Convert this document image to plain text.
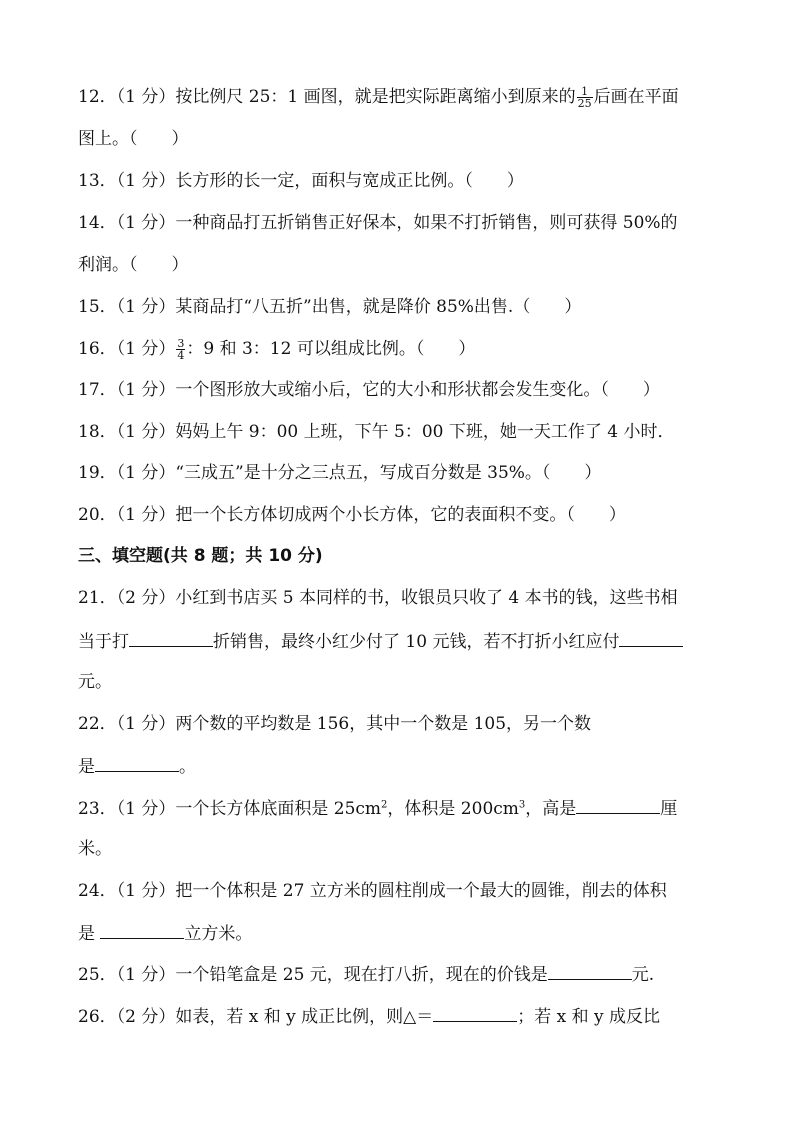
12．（1 分）按比例尺 25：1 画图，就是把实际距离缩小到原来的 $\frac{1}{25}$ 后画在平面
图上。（　　）
13．（1 分）长方形的长一定，面积与宽成正比例。（　　）
14．（1 分）一种商品打五折销售正好保本，如果不打折销售，则可获得 50%的
利润。（　　）
15．（1 分）某商品打“八五折”出售，就是降价 85%出售.（　　）
16．（1 分） $\frac{3}{4}$ ：9 和 3：12 可以组成比例。（　　）
17．（1 分）一个图形放大或缩小后，它的大小和形状都会发生变化。（　　）
18．（1 分）妈妈上午 9：00 上班，下午 5：00 下班，她一天工作了 4 小时．
19．（1 分）“三成五”是十分之三点五，写成百分数是 35%。（　　）
20．（1 分）把一个长方体切成两个小长方体，它的表面积不变。（　　）
三、填空题(共 8 题；共 10 分)
21．（2 分）小红到书店买 5 本同样的书，收银员只收了 4 本书的钱，这些书相
当于打	折销售，最终小红少付了 10 元钱，若不打折小红应付
元。
22．（1 分）两个数的平均数是 156，其中一个数是 105，另一个数
是	。
23．（1 分）一个长方体底面积是 $25cm^2$，体积是 $200cm^3$，高是	厘
米。
24．（1 分）把一个体积是 27 立方米的圆柱削成一个最大的圆锥，削去的体积
是	立方米。
25．（1 分）一个铅笔盒是 25 元，现在打八折，现在的价钱是	元.
26．（2 分）如表，若 x 和 y 成正比例，则△＝	；若 x 和 y 成反比
